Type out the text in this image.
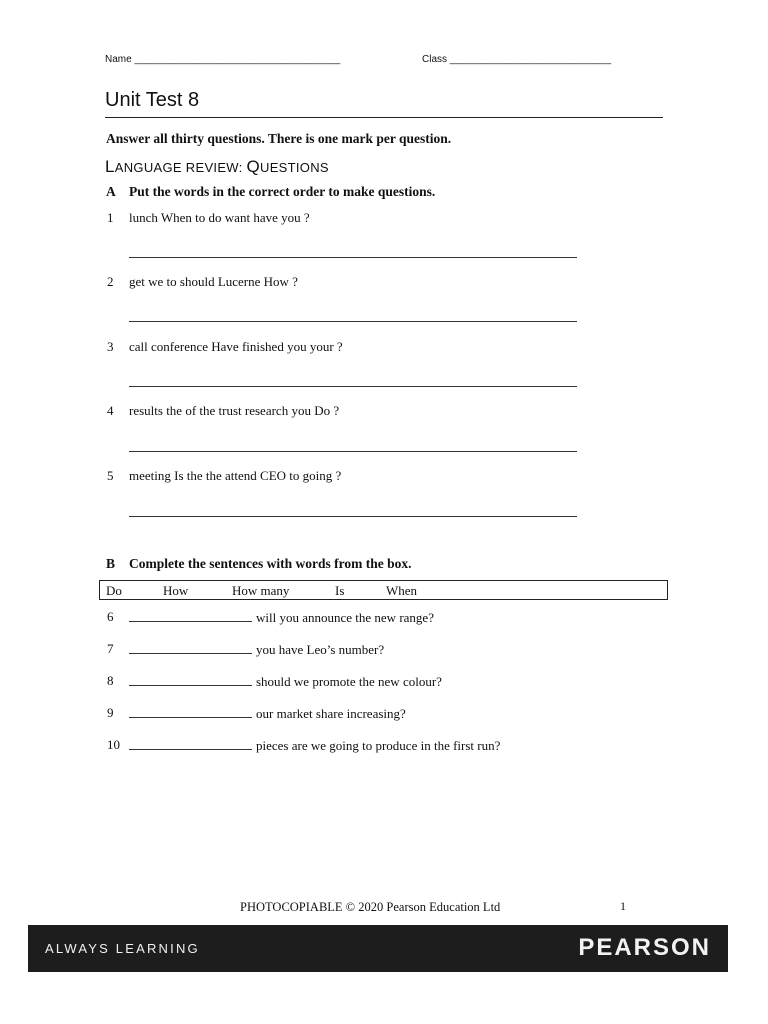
Name _____________________________________	Class _____________________________
Unit Test 8
Answer all thirty questions. There is one mark per question.
LANGUAGE REVIEW: QUESTIONS
A Put the words in the correct order to make questions.
1 lunch When to do want have you ?
2 get we to should Lucerne How ?
3 call conference Have finished you your ?
4 results the of the trust research you Do ?
5 meeting Is the the attend CEO to going ?
B Complete the sentences with words from the box.
Do	How	How many	Is	When
6	will you announce the new range?
7	you have Leo’s number?
8	should we promote the new colour?
9	our market share increasing?
10	pieces are we going to produce in the first run?
PHOTOCOPIABLE © 2020 Pearson Education Ltd	1
ALWAYS LEARNING	PEARSON
